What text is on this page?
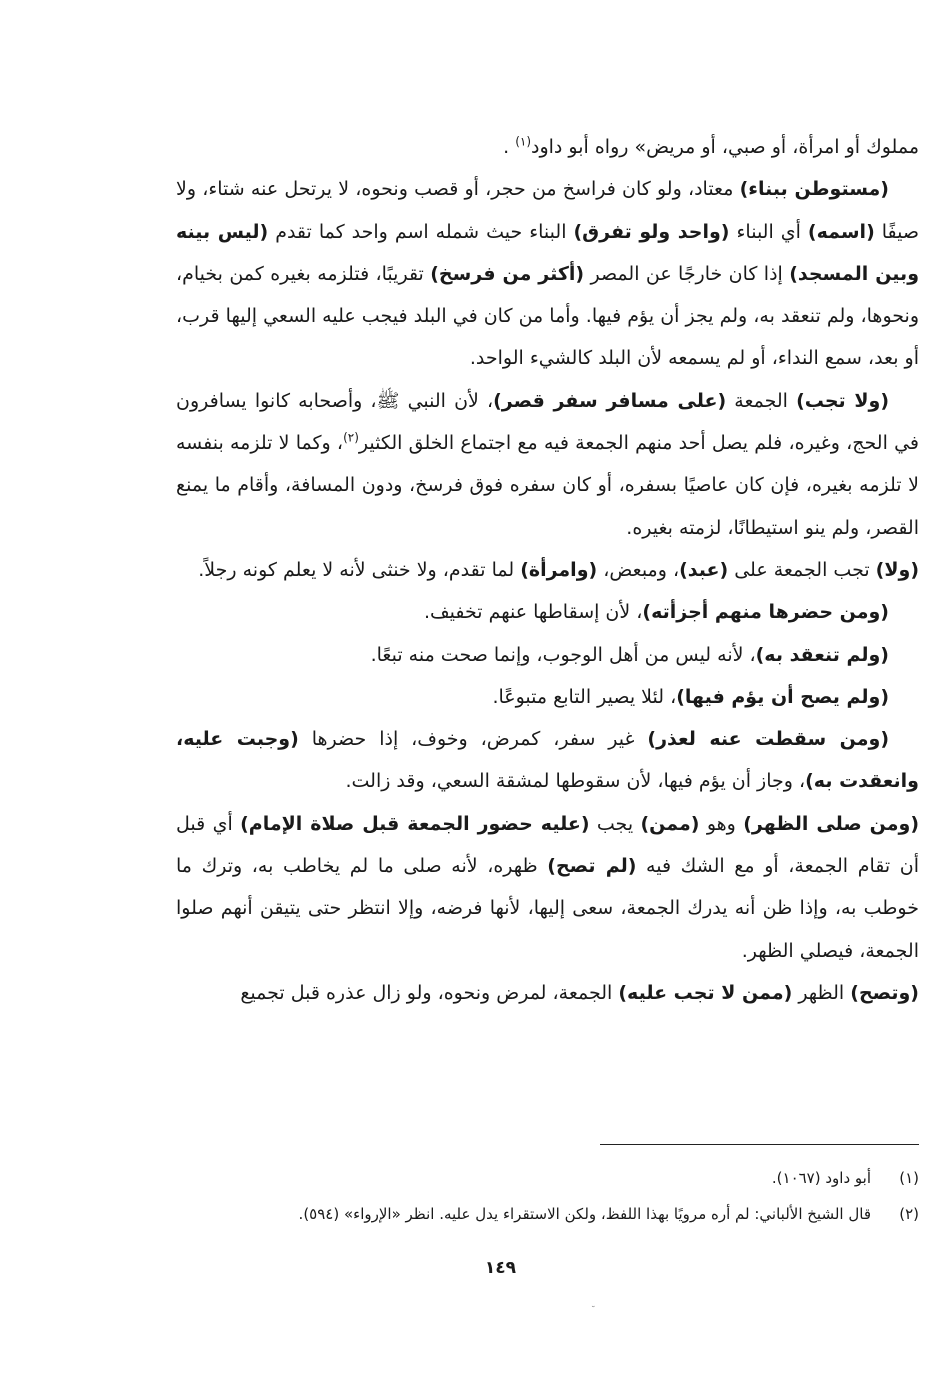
مملوك أو امرأة، أو صبي، أو مريض» رواه أبو داود$^{(١)}$ .

(مستوطن ببناء) معتاد، ولو كان فراسخ من حجر، أو قصب ونحوه، لا يرتحل عنه شتاء، ولا صيفًا (اسمه) أي البناء (واحد ولو تفرق) البناء حيث شمله اسم واحد كما تقدم (ليس بينه وبين المسجد) إذا كان خارجًا عن المصر (أكثر من فرسخ) تقريبًا، فتلزمه بغيره كمن بخيام، ونحوها، ولم تنعقد به، ولم يجز أن يؤم فيها. وأما من كان في البلد فيجب عليه السعي إليها قرب، أو بعد، سمع النداء، أو لم يسمعه لأن البلد كالشيء الواحد.

(ولا تجب) الجمعة (على مسافر سفر قصر)، لأن النبي ﷺ، وأصحابه كانوا يسافرون في الحج، وغيره، فلم يصل أحد منهم الجمعة فيه مع اجتماع الخلق الكثير$^{(٢)}$، وكما لا تلزمه بنفسه لا تلزمه بغيره، فإن كان عاصيًا بسفره، أو كان سفره فوق فرسخ، ودون المسافة، وأقام ما يمنع القصر، ولم ينو استيطانًا، لزمته بغيره.

(ولا) تجب الجمعة على (عبد)، ومبعض، (وامرأة) لما تقدم، ولا خنثى لأنه لا يعلم كونه رجلاً.

(ومن حضرها منهم أجزأته)، لأن إسقاطها عنهم تخفيف.

(ولم تنعقد به)، لأنه ليس من أهل الوجوب، وإنما صحت منه تبعًا.

(ولم يصح أن يؤم فيها)، لئلا يصير التابع متبوعًا.

(ومن سقطت عنه لعذر) غير سفر، كمرض، وخوف، إذا حضرها (وجبت عليه، وانعقدت به)، وجاز أن يؤم فيها، لأن سقوطها لمشقة السعي، وقد زالت.

(ومن صلى الظهر) وهو (ممن) يجب (عليه حضور الجمعة قبل صلاة الإمام) أي قبل أن تقام الجمعة، أو مع الشك فيه (لم تصح) ظهره، لأنه صلى ما لم يخاطب به، وترك ما خوطب به، وإذا ظن أنه يدرك الجمعة، سعى إليها، لأنها فرضه، وإلا انتظر حتى يتيقن أنهم صلوا الجمعة، فيصلي الظهر.

(وتصح) الظهر (ممن لا تجب عليه) الجمعة، لمرض ونحوه، ولو زال عذره قبل تجميع

(١)
أبو داود (١٠٦٧).
(٢)
قال الشيخ الألباني: لم أره مرويًا بهذا اللفظ، ولكن الاستقراء يدل عليه. انظر «الإرواء» (٥٩٤).
١٤٩
˘
